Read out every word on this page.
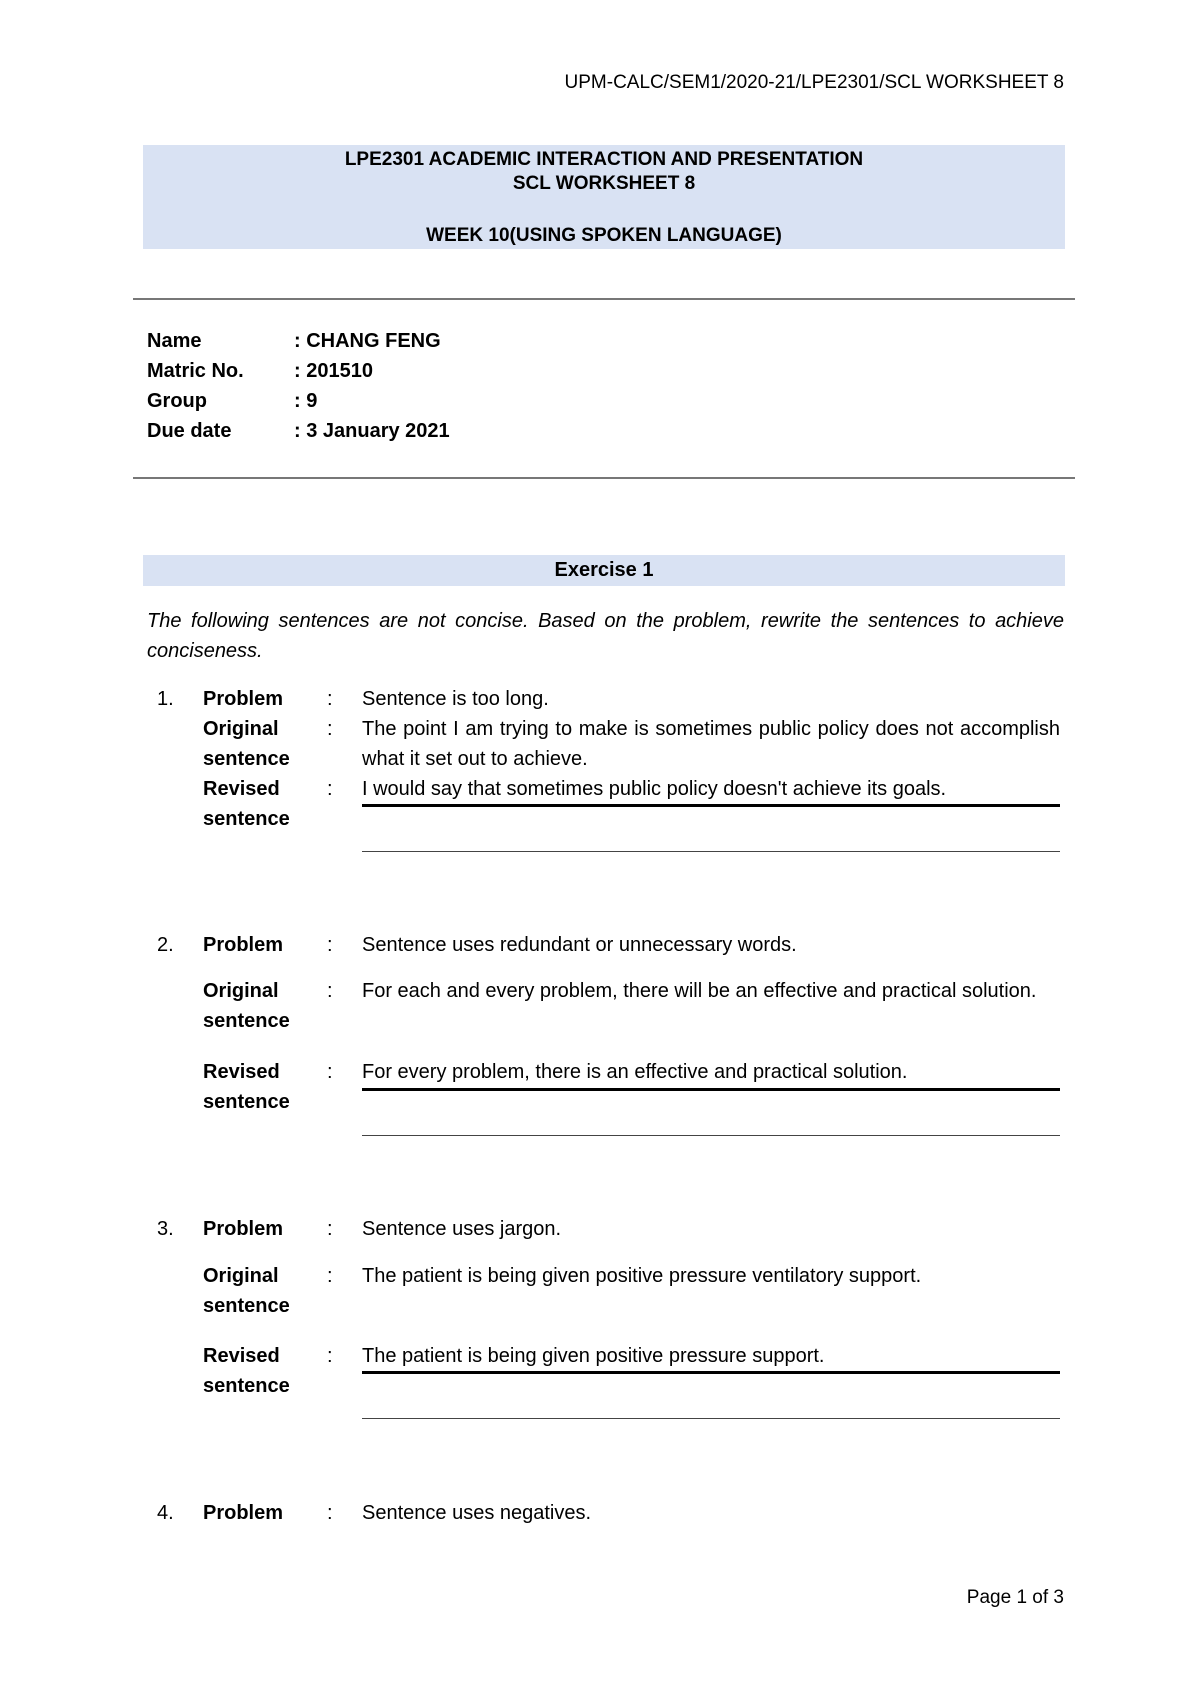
UPM-CALC/SEM1/2020-21/LPE2301/SCL WORKSHEET 8
LPE2301 ACADEMIC INTERACTION AND PRESENTATION
SCL WORKSHEET 8
WEEK 10(USING SPOKEN LANGUAGE)
Name	: CHANG FENG
Matric No.	: 201510
Group	: 9
Due date	: 3 January 2021
Exercise 1
The following sentences are not concise. Based on the problem, rewrite the sentences to achieve conciseness.
1. Problem : Sentence is too long.
Original
sentence
: The point I am trying to make is sometimes public policy does not accomplish what it set out to achieve.
Revised
sentence
: I would say that sometimes public policy doesn't achieve its goals.
2. Problem : Sentence uses redundant or unnecessary words.
Original
sentence
: For each and every problem, there will be an effective and practical solution.
Revised
sentence
: For every problem, there is an effective and practical solution.
3. Problem : Sentence uses jargon.
Original
sentence
: The patient is being given positive pressure ventilatory support.
Revised
sentence
: The patient is being given positive pressure support.
4. Problem : Sentence uses negatives.
Page 1 of 3
